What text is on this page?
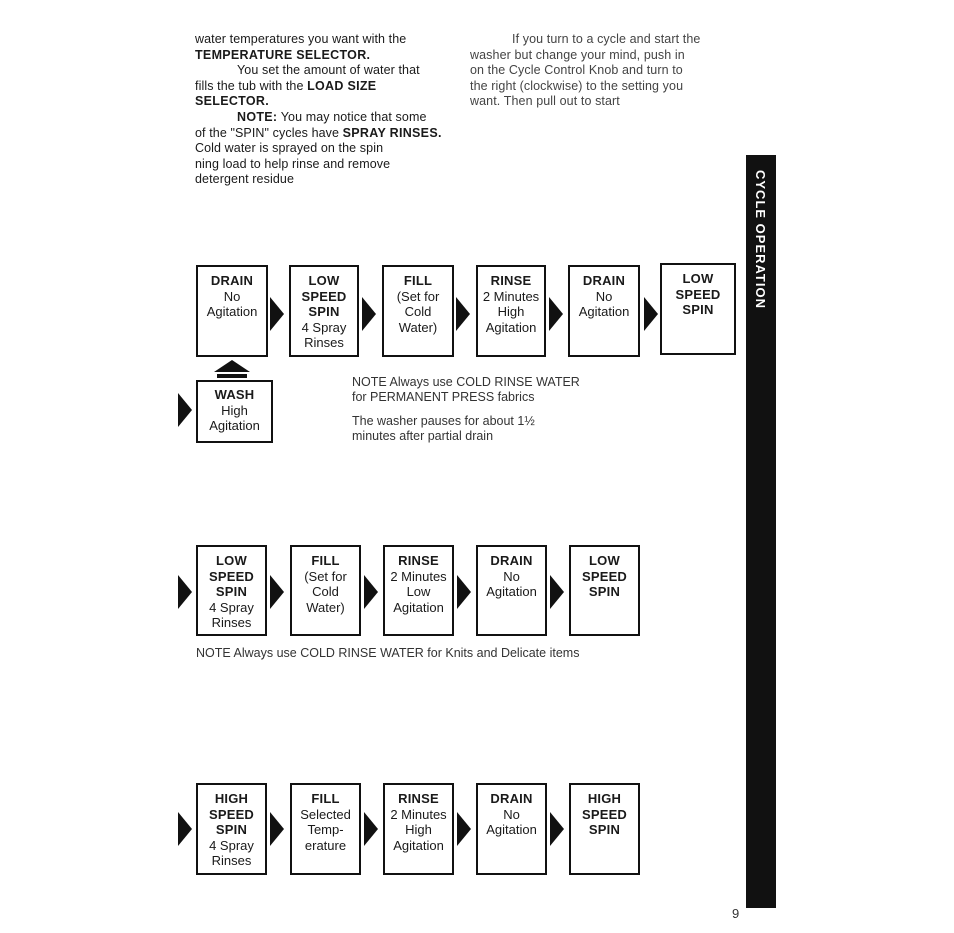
water temperatures you want with the
TEMPERATURE SELECTOR.
You set the amount of water that
fills the tub with the LOAD SIZE
SELECTOR.
NOTE: You may notice that some
of the "SPIN" cycles have SPRAY RINSES.
Cold water is sprayed on the spin
ning load to help rinse and remove
detergent residue
If you turn to a cycle and start the
washer but change your mind, push in
on the Cycle Control Knob and turn to
the right (clockwise) to the setting you
want. Then pull out to start
CYCLE OPERATION
DRAIN
No
Agitation
LOW
SPEED
SPIN
4 Spray
Rinses
FILL
(Set for
Cold
Water)
RINSE
2 Minutes
High
Agitation
DRAIN
No
Agitation
LOW
SPEED
SPIN
WASH
High
Agitation
NOTE Always use COLD RINSE WATER
for PERMANENT PRESS fabrics
The washer pauses for about 1½
minutes after partial drain
LOW
SPEED
SPIN
4 Spray
Rinses
FILL
(Set for
Cold
Water)
RINSE
2 Minutes
Low
Agitation
DRAIN
No
Agitation
LOW
SPEED
SPIN
NOTE Always use COLD RINSE WATER for Knits and Delicate items
HIGH
SPEED
SPIN
4 Spray
Rinses
FILL
Selected
Temp-
erature
RINSE
2 Minutes
High
Agitation
DRAIN
No
Agitation
HIGH
SPEED
SPIN
9
